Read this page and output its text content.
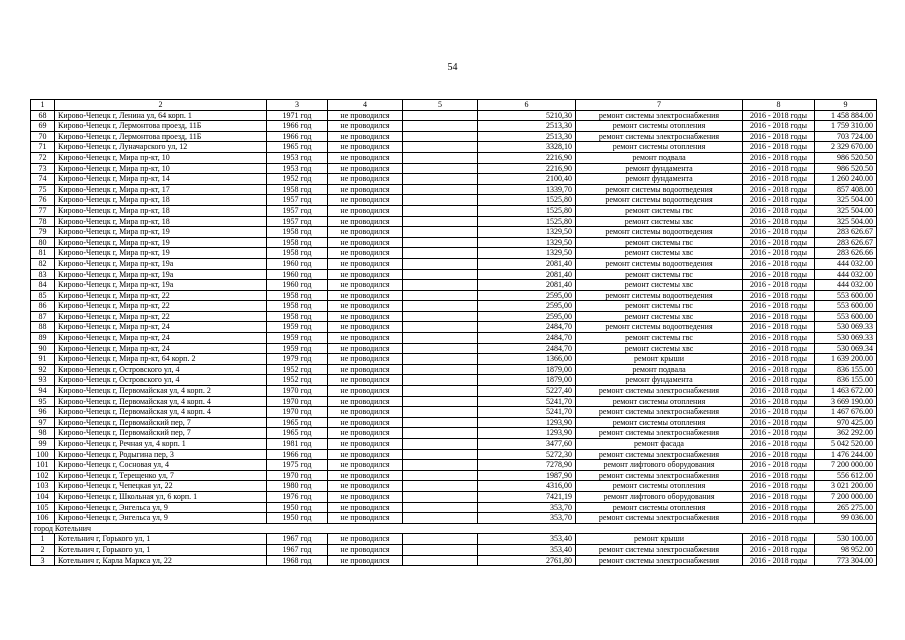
54
1	2	3	4	5	6	7	8	9
68	Кирово-Чепецк г, Ленина ул, 64 корп. 1	1971 год	не проводился		5210,30	ремонт системы электроснабжения	2016 - 2018 годы	1 458 884.00
69	Кирово-Чепецк г, Лермонтова проезд, 11Б	1966 год	не проводился		2513,30	ремонт системы отопления	2016 - 2018 годы	1 759 310.00
70	Кирово-Чепецк г, Лермонтова проезд, 11Б	1966 год	не проводился		2513,30	ремонт системы электроснабжения	2016 - 2018 годы	703 724.00
71	Кирово-Чепецк г, Луначарского ул, 12	1965 год	не проводился		3328,10	ремонт системы отопления	2016 - 2018 годы	2 329 670.00
72	Кирово-Чепецк г, Мира пр-кт, 10	1953 год	не проводился		2216,90	ремонт подвала	2016 - 2018 годы	986 520.50
73	Кирово-Чепецк г, Мира пр-кт, 10	1953 год	не проводился		2216,90	ремонт фундамента	2016 - 2018 годы	986 520.50
74	Кирово-Чепецк г, Мира пр-кт, 14	1952 год	не проводился		2100,40	ремонт фундамента	2016 - 2018 годы	1 260 240.00
75	Кирово-Чепецк г, Мира пр-кт, 17	1958 год	не проводился		1339,70	ремонт системы водоотведения	2016 - 2018 годы	857 408.00
76	Кирово-Чепецк г, Мира пр-кт, 18	1957 год	не проводился		1525,80	ремонт системы водоотведения	2016 - 2018 годы	325 504.00
77	Кирово-Чепецк г, Мира пр-кт, 18	1957 год	не проводился		1525,80	ремонт системы гвс	2016 - 2018 годы	325 504.00
78	Кирово-Чепецк г, Мира пр-кт, 18	1957 год	не проводился		1525,80	ремонт системы хвс	2016 - 2018 годы	325 504.00
79	Кирово-Чепецк г, Мира пр-кт, 19	1958 год	не проводился		1329,50	ремонт системы водоотведения	2016 - 2018 годы	283 626.67
80	Кирово-Чепецк г, Мира пр-кт, 19	1958 год	не проводился		1329,50	ремонт системы гвс	2016 - 2018 годы	283 626.67
81	Кирово-Чепецк г, Мира пр-кт, 19	1958 год	не проводился		1329,50	ремонт системы хвс	2016 - 2018 годы	283 626.66
82	Кирово-Чепецк г, Мира пр-кт, 19а	1960 год	не проводился		2081,40	ремонт системы водоотведения	2016 - 2018 годы	444 032.00
83	Кирово-Чепецк г, Мира пр-кт, 19а	1960 год	не проводился		2081,40	ремонт системы гвс	2016 - 2018 годы	444 032.00
84	Кирово-Чепецк г, Мира пр-кт, 19а	1960 год	не проводился		2081,40	ремонт системы хвс	2016 - 2018 годы	444 032.00
85	Кирово-Чепецк г, Мира пр-кт, 22	1958 год	не проводился		2595,00	ремонт системы водоотведения	2016 - 2018 годы	553 600.00
86	Кирово-Чепецк г, Мира пр-кт, 22	1958 год	не проводился		2595,00	ремонт системы гвс	2016 - 2018 годы	553 600.00
87	Кирово-Чепецк г, Мира пр-кт, 22	1958 год	не проводился		2595,00	ремонт системы хвс	2016 - 2018 годы	553 600.00
88	Кирово-Чепецк г, Мира пр-кт, 24	1959 год	не проводился		2484,70	ремонт системы водоотведения	2016 - 2018 годы	530 069.33
89	Кирово-Чепецк г, Мира пр-кт, 24	1959 год	не проводился		2484,70	ремонт системы гвс	2016 - 2018 годы	530 069.33
90	Кирово-Чепецк г, Мира пр-кт, 24	1959 год	не проводился		2484,70	ремонт системы хвс	2016 - 2018 годы	530 069.34
91	Кирово-Чепецк г, Мира пр-кт, 64 корп. 2	1979 год	не проводился		1366,00	ремонт крыши	2016 - 2018 годы	1 639 200.00
92	Кирово-Чепецк г, Островского ул, 4	1952 год	не проводился		1879,00	ремонт подвала	2016 - 2018 годы	836 155.00
93	Кирово-Чепецк г, Островского ул, 4	1952 год	не проводился		1879,00	ремонт фундамента	2016 - 2018 годы	836 155.00
94	Кирово-Чепецк г, Первомайская ул, 4 корп. 2	1970 год	не проводился		5227,40	ремонт системы электроснабжения	2016 - 2018 годы	1 463 672.00
95	Кирово-Чепецк г, Первомайская ул, 4 корп. 4	1970 год	не проводился		5241,70	ремонт системы отопления	2016 - 2018 годы	3 669 190.00
96	Кирово-Чепецк г, Первомайская ул, 4 корп. 4	1970 год	не проводился		5241,70	ремонт системы электроснабжения	2016 - 2018 годы	1 467 676.00
97	Кирово-Чепецк г, Первомайский пер, 7	1965 год	не проводился		1293,90	ремонт системы отопления	2016 - 2018 годы	970 425.00
98	Кирово-Чепецк г, Первомайский пер, 7	1965 год	не проводился		1293,90	ремонт системы электроснабжения	2016 - 2018 годы	362 292.00
99	Кирово-Чепецк г, Речная ул, 4 корп. 1	1981 год	не проводился		3477,60	ремонт фасада	2016 - 2018 годы	5 042 520.00
100	Кирово-Чепецк г, Родыгина пер, 3	1966 год	не проводился		5272,30	ремонт системы электроснабжения	2016 - 2018 годы	1 476 244.00
101	Кирово-Чепецк г, Сосновая ул, 4	1975 год	не проводился		7278,90	ремонт лифтового оборудования	2016 - 2018 годы	7 200 000.00
102	Кирово-Чепецк г, Терещенко ул, 7	1970 год	не проводился		1987,90	ремонт системы электроснабжения	2016 - 2018 годы	556 612.00
103	Кирово-Чепецк г, Чепецкая ул, 22	1980 год	не проводился		4316,00	ремонт системы отопления	2016 - 2018 годы	3 021 200.00
104	Кирово-Чепецк г, Школьная ул, 6 корп. 1	1976 год	не проводился		7421,19	ремонт лифтового оборудования	2016 - 2018 годы	7 200 000.00
105	Кирово-Чепецк г, Энгельса ул, 9	1950 год	не проводился		353,70	ремонт системы отопления	2016 - 2018 годы	265 275.00
106	Кирово-Чепецк г, Энгельса ул, 9	1950 год	не проводился		353,70	ремонт системы электроснабжения	2016 - 2018 годы	99 036.00
город Котельнич								
1	Котельнич г, Горького ул, 1	1967 год	не проводился		353,40	ремонт крыши	2016 - 2018 годы	530 100.00
2	Котельнич г, Горького ул, 1	1967 год	не проводился		353,40	ремонт системы электроснабжения	2016 - 2018 годы	98 952.00
3	Котельнич г, Карла Маркса ул, 22	1968 год	не проводился		2761,80	ремонт системы электроснабжения	2016 - 2018 годы	773 304.00
